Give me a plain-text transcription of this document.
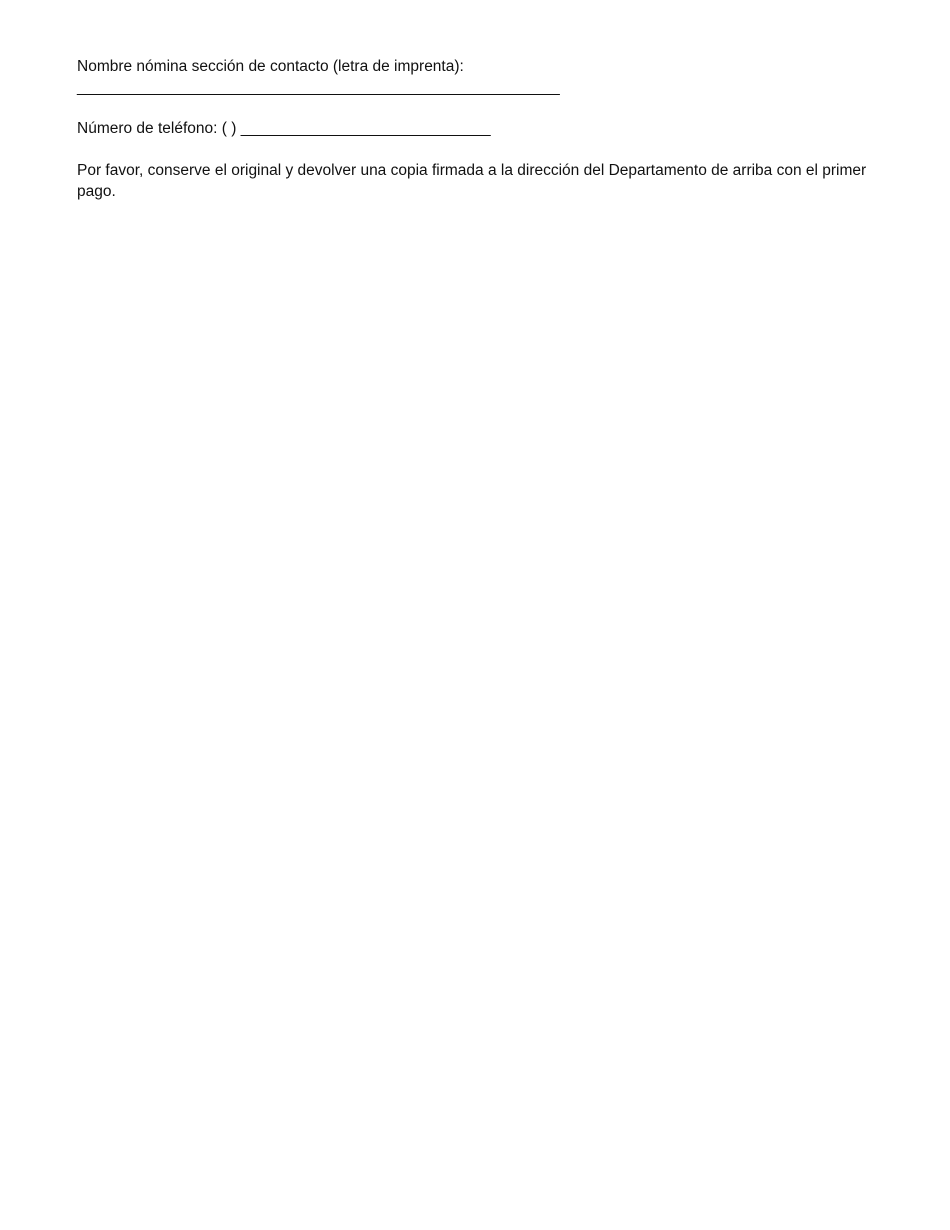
Nombre nómina sección de contacto (letra de imprenta):

________________________________________________________

Número de teléfono: ( ) _____________________________

Por favor, conserve el original y devolver una copia firmada a la dirección del Departamento de arriba con el primer pago.
